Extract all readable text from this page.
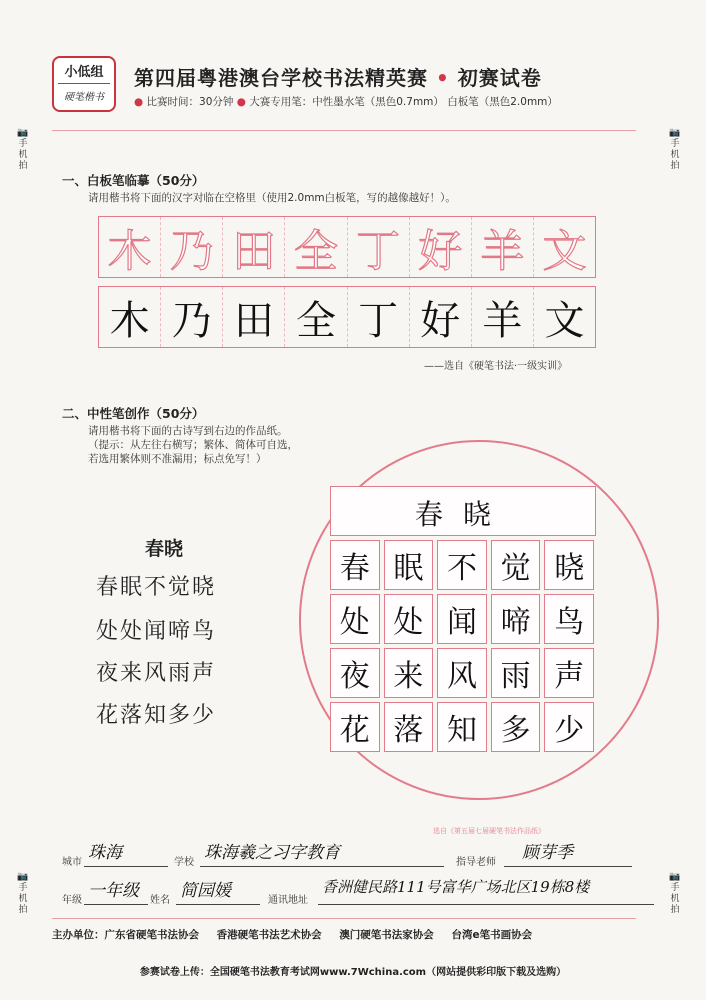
小低组
硬笔楷书
第四届粤港澳台学校书法精英赛 • 初赛试卷
● 比赛时间：30分钟 ● 大赛专用笔：中性墨水笔（黑色0.7mm） 白板笔（黑色2.0mm）
📷
手机拍
📷
手机拍
📷
手机拍
📷
手机拍
一、白板笔临摹（50分）
请用楷书将下面的汉字对临在空格里（使用2.0mm白板笔，写的越像越好！）。
木 乃 田 全 丁 好 羊 文
木 乃 田 全 丁 好 羊 文
——选自《硬笔书法·一级实训》
二、中性笔创作（50分）
请用楷书将下面的古诗写到右边的作品纸。
（提示：从左往右横写；繁体、简体可自选，
若选用繁体则不准漏用；标点免写！）
春晓
春眠不觉晓
处处闻啼鸟
夜来风雨声
花落知多少
春晓
春 眠 不 觉 晓
处 处 闻 啼 鸟
夜 来 风 雨 声
花 落 知 多 少
选自《第五届七届硬笔书法作品纸》
城市 珠海	学校 珠海羲之习字教育	指导老师 顾芽季
年级 一年级 姓名 简园媛	通讯地址
香洲健民路111号富华广场北区19栋8楼
主办单位：广东省硬笔书法协会 香港硬笔书法艺术协会 澳门硬笔书法家协会 台湾e笔书画协会
参赛试卷上传：全国硬笔书法教育考试网www.7Wchina.com（网站提供彩印版下载及选购）
